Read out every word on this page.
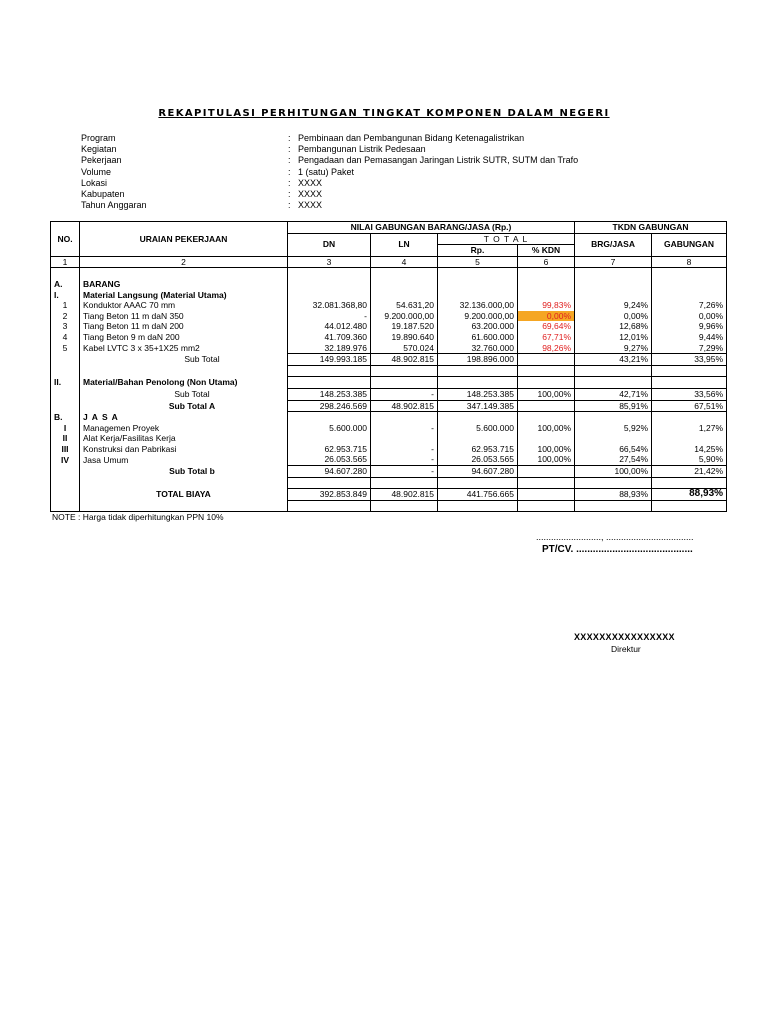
REKAPITULASI PERHITUNGAN TINGKAT KOMPONEN DALAM NEGERI
Program	: Pembinaan dan Pembangunan Bidang Ketenagalistrikan
Kegiatan	: Pembangunan Listrik Pedesaan
Pekerjaan	: Pengadaan dan Pemasangan Jaringan Listrik SUTR, SUTM dan Trafo
Volume	: 1 (satu) Paket
Lokasi	: XXXX
Kabupaten	: XXXX
Tahun Anggaran	: XXXX
NO.	URAIAN PEKERJAAN	NILAI GABUNGAN BARANG/JASA (Rp.)				TKDN GABUNGAN	
		DN	LN	T O T A L		BRG/JASA	GABUNGAN
				Rp.	% KDN		
1	2	3	4	5	6	7	8

A.	BARANG						
I.	Material Langsung (Material Utama)						
1	Konduktor AAAC 70 mm	32.081.368,80	54.631,20	32.136.000,00	99,83%	9,24%	7,26%
2	Tiang Beton 11 m daN 350	-	9.200.000,00	9.200.000,00	0,00%	0,00%	0,00%
3	Tiang Beton 11 m daN 200	44.012.480	19.187.520	63.200.000	69,64%	12,68%	9,96%
4	Tiang Beton 9 m daN 200	41.709.360	19.890.640	61.600.000	67,71%	12,01%	9,44%
5	Kabel LVTC 3 x 35+1X25 mm2	32.189.976	570.024	32.760.000	98,26%	9,27%	7,29%
	Sub Total	149.993.185	48.902.815	198.896.000		43,21%	33,95%

II.	Material/Bahan Penolong (Non Utama)						
	Sub Total	148.253.385	-	148.253.385	100,00%	42,71%	33,56%
	Sub Total A	298.246.569	48.902.815	347.149.385		85,91%	67,51%
B.	J A S A						
I	Managemen Proyek	5.600.000	-	5.600.000	100,00%	5,92%	1,27%
II	Alat Kerja/Fasilitas Kerja						
III	Konstruksi dan Pabrikasi	62.953.715	-	62.953.715	100,00%	66,54%	14,25%
IV	Jasa Umum	26.053.565	-	26.053.565	100,00%	27,54%	5,90%
	Sub Total b	94.607.280	-	94.607.280		100,00%	21,42%

	TOTAL BIAYA	392.853.849	48.902.815	441.756.665		88,93%	88,93%

NOTE : Harga tidak diperhitungkan PPN 10%
.........................., ...................................
PT/CV. ..........................................
XXXXXXXXXXXXXXXX
Direktur
